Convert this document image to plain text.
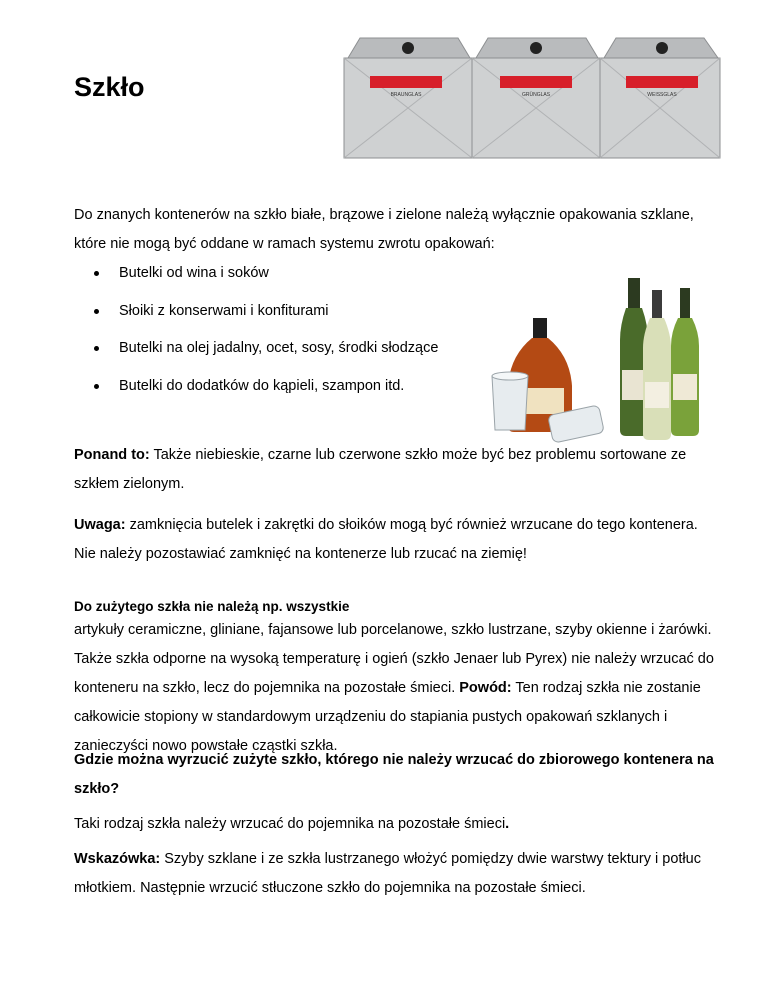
Szkło	BRAUNGLAS	GRÜNGLAS	WEISSGLAS

Do znanych kontenerów na szkło białe, brązowe i zielone należą wyłącznie opakowania szklane, które nie mogą być oddane w ramach systemu zwrotu opakowań:

Butelki od wina i soków
Słoiki z konserwami i konfiturami
Butelki na olej jadalny, ocet, sosy, środki słodzące
Butelki do dodatków do kąpieli, szampon itd.

Ponand to: Także niebieskie, czarne lub czerwone szkło może być bez problemu sortowane ze szkłem zielonym.

Uwaga: zamknięcia butelek i zakrętki do słoików mogą być również wrzucane do tego kontenera. Nie należy pozostawiać zamknięć na kontenerze lub rzucać na ziemię!

Do zużytego szkła nie należą np. wszystkie

artykuły ceramiczne, gliniane, fajansowe lub porcelanowe, szkło lustrzane, szyby okienne i żarówki. Także szkła odporne na wysoką temperaturę i ogień (szkło Jenaer lub Pyrex) nie należy wrzucać do konteneru na szkło, lecz do pojemnika na pozostałe śmieci. Powód: Ten rodzaj szkła nie zostanie całkowicie stopiony w standardowym urządzeniu do stapiania pustych opakowań szklanych i zanieczyści nowo powstałe cząstki szkła.

Gdzie można wyrzucić zużyte szkło, którego nie należy wrzucać do zbiorowego kontenera na szkło?

Taki rodzaj szkła należy wrzucać do pojemnika na pozostałe śmieci.

Wskazówka: Szyby szklane i ze szkła lustrzanego włożyć pomiędzy dwie warstwy tektury i potłuc młotkiem. Następnie wrzucić stłuczone szkło do pojemnika na pozostałe śmieci.
